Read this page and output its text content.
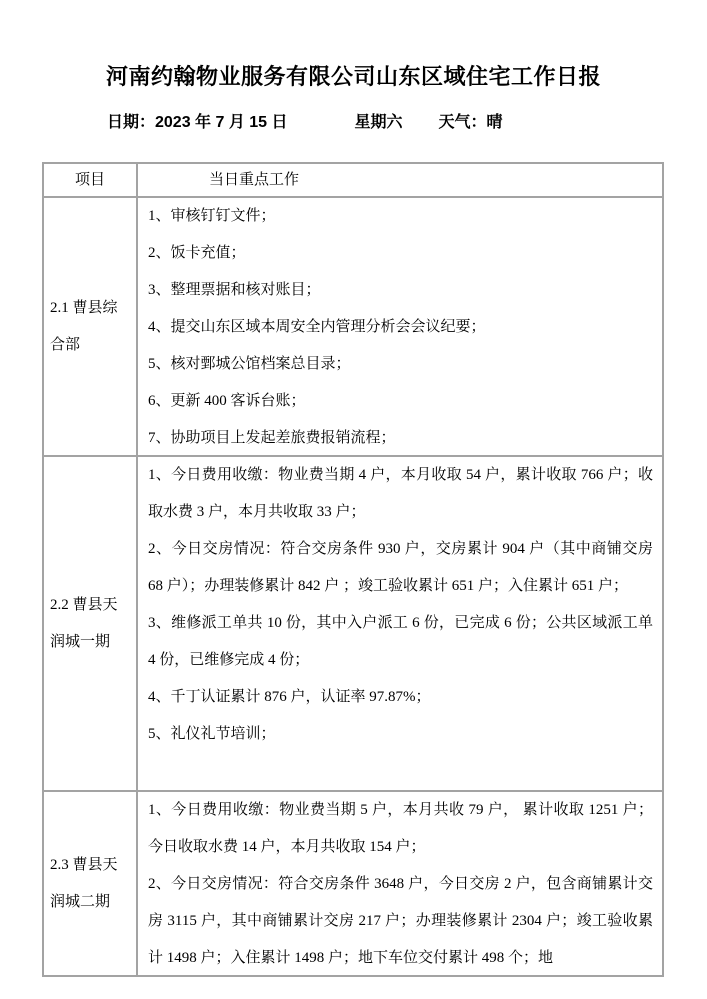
河南约翰物业服务有限公司山东区域住宅工作日报
日期：2023 年 7 月 15 日	星期六 天气：晴
项目	当日重点工作
2.1 曹县综合部
1、审核钉钉文件；
2、饭卡充值；
3、整理票据和核对账目；
4、提交山东区域本周安全内管理分析会会议纪要；
5、核对鄄城公馆档案总目录；
6、更新 400 客诉台账；
7、协助项目上发起差旅费报销流程；
2.2 曹县天润城一期
1、今日费用收缴：物业费当期 4 户，本月收取 54 户，累计收取 766 户；收取水费 3 户，本月共收取 33 户；
2、今日交房情况：符合交房条件 930 户，交房累计 904 户（其中商铺交房 68 户）；办理装修累计 842 户 ；竣工验收累计 651 户；入住累计 651 户；
3、维修派工单共 10 份，其中入户派工 6 份，已完成 6 份；公共区域派工单 4 份，已维修完成 4 份；
4、千丁认证累计 876 户，认证率 97.87%；
5、礼仪礼节培训；
2.3 曹县天润城二期
1、今日费用收缴：物业费当期 5 户，本月共收 79 户， 累计收取 1251 户；今日收取水费 14 户，本月共收取 154 户；
2、今日交房情况：符合交房条件 3648 户，今日交房 2 户，包含商铺累计交房 3115 户，其中商铺累计交房 217 户；办理装修累计 2304 户；竣工验收累计 1498 户；入住累计 1498 户；地下车位交付累计 498 个；地
